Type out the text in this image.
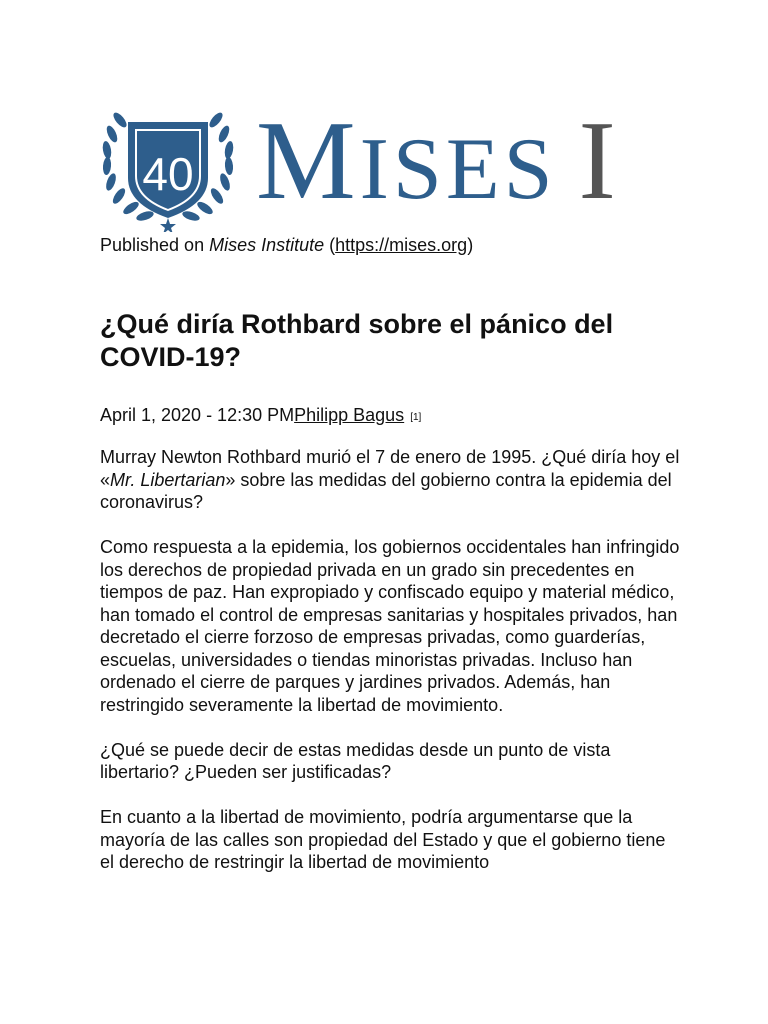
40 MISES I
Published on Mises Institute (https://mises.org)
¿Qué diría Rothbard sobre el pánico del COVID-19?
April 1, 2020 - 12:30 PMPhilipp Bagus [1]

Murray Newton Rothbard murió el 7 de enero de 1995. ¿Qué diría hoy el «Mr. Libertarian» sobre las medidas del gobierno contra la epidemia del coronavirus?

Como respuesta a la epidemia, los gobiernos occidentales han infringido los derechos de propiedad privada en un grado sin precedentes en tiempos de paz. Han expropiado y confiscado equipo y material médico, han tomado el control de empresas sanitarias y hospitales privados, han decretado el cierre forzoso de empresas privadas, como guarderías, escuelas, universidades o tiendas minoristas privadas. Incluso han ordenado el cierre de parques y jardines privados. Además, han restringido severamente la libertad de movimiento.

¿Qué se puede decir de estas medidas desde un punto de vista libertario? ¿Pueden ser justificadas?

En cuanto a la libertad de movimiento, podría argumentarse que la mayoría de las calles son propiedad del Estado y que el gobierno tiene el derecho de restringir la libertad de movimiento
